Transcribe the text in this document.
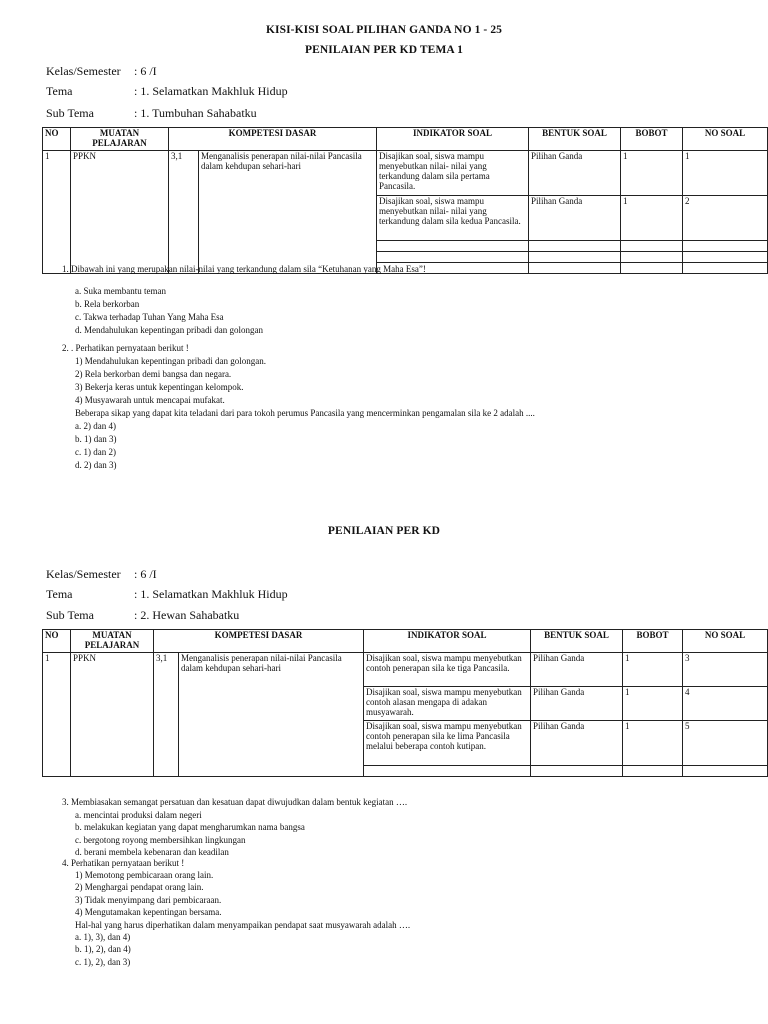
KISI-KISI SOAL PILIHAN GANDA NO 1 - 25
PENILAIAN PER KD TEMA 1
Kelas/Semester : 6 /I
Tema	: 1. Selamatkan Makhluk Hidup
Sub Tema	: 1. Tumbuhan Sahabatku
NO	MUATAN PELAJARAN	KOMPETESI DASAR		INDIKATOR SOAL	BENTUK SOAL	BOBOT	NO SOAL
1	PPKN	3,1	Menganalisis penerapan nilai-nilai Pancasila dalam kehdupan sehari-hari	Disajikan soal, siswa mampu menyebutkan nilai- nilai yang terkandung dalam sila pertama Pancasila.	Pilihan Ganda	1	1
				Disajikan soal, siswa mampu menyebutkan nilai- nilai yang terkandung dalam sila kedua Pancasila.	Pilihan Ganda	1	2

1. Dibawah ini yang merupakan nilai-nilai yang terkandung dalam sila “Ketuhanan yang Maha Esa”!
a. Suka membantu teman
b. Rela berkorban
c. Takwa terhadap Tuhan Yang Maha Esa
d. Mendahulukan kepentingan pribadi dan golongan
2. . Perhatikan pernyataan berikut !
1) Mendahulukan kepentingan pribadi dan golongan.
2) Rela berkorban demi bangsa dan negara.
3) Bekerja keras untuk kepentingan kelompok.
4) Musyawarah untuk mencapai mufakat.
Beberapa sikap yang dapat kita teladani dari para tokoh perumus Pancasila yang mencerminkan pengamalan sila ke 2 adalah ....
a. 2) dan 4)
b. 1) dan 3)
c. 1) dan 2)
d. 2) dan 3)
PENILAIAN PER KD
Kelas/Semester : 6 /I
Tema	: 1. Selamatkan Makhluk Hidup
Sub Tema	: 2. Hewan Sahabatku
NO	MUATAN PELAJARAN	KOMPETESI DASAR		INDIKATOR SOAL	BENTUK SOAL	BOBOT	NO SOAL
1	PPKN	3,1	Menganalisis penerapan nilai-nilai Pancasila dalam kehdupan sehari-hari	Disajikan soal, siswa mampu menyebutkan contoh penerapan sila ke tiga Pancasila.	Pilihan Ganda	1	3
				Disajikan soal, siswa mampu menyebutkan contoh alasan mengapa di adakan musyawarah.	Pilihan Ganda	1	4
				Disajikan soal, siswa mampu menyebutkan contoh penerapan sila ke lima Pancasila melalui beberapa contoh kutipan.	Pilihan Ganda	1	5

3. Membiasakan semangat persatuan dan kesatuan dapat diwujudkan dalam bentuk kegiatan ….
a. mencintai produksi dalam negeri
b. melakukan kegiatan yang dapat mengharumkan nama bangsa
c. bergotong royong membersihkan lingkungan
d. berani membela kebenaran dan keadilan
4. Perhatikan pernyataan berikut !
1) Memotong pembicaraan orang lain.
2) Menghargai pendapat orang lain.
3) Tidak menyimpang dari pembicaraan.
4) Mengutamakan kepentingan bersama.
Hal-hal yang harus diperhatikan dalam menyampaikan pendapat saat musyawarah adalah ….
a. 1), 3), dan 4)
b. 1), 2), dan 4)
c. 1), 2), dan 3)
